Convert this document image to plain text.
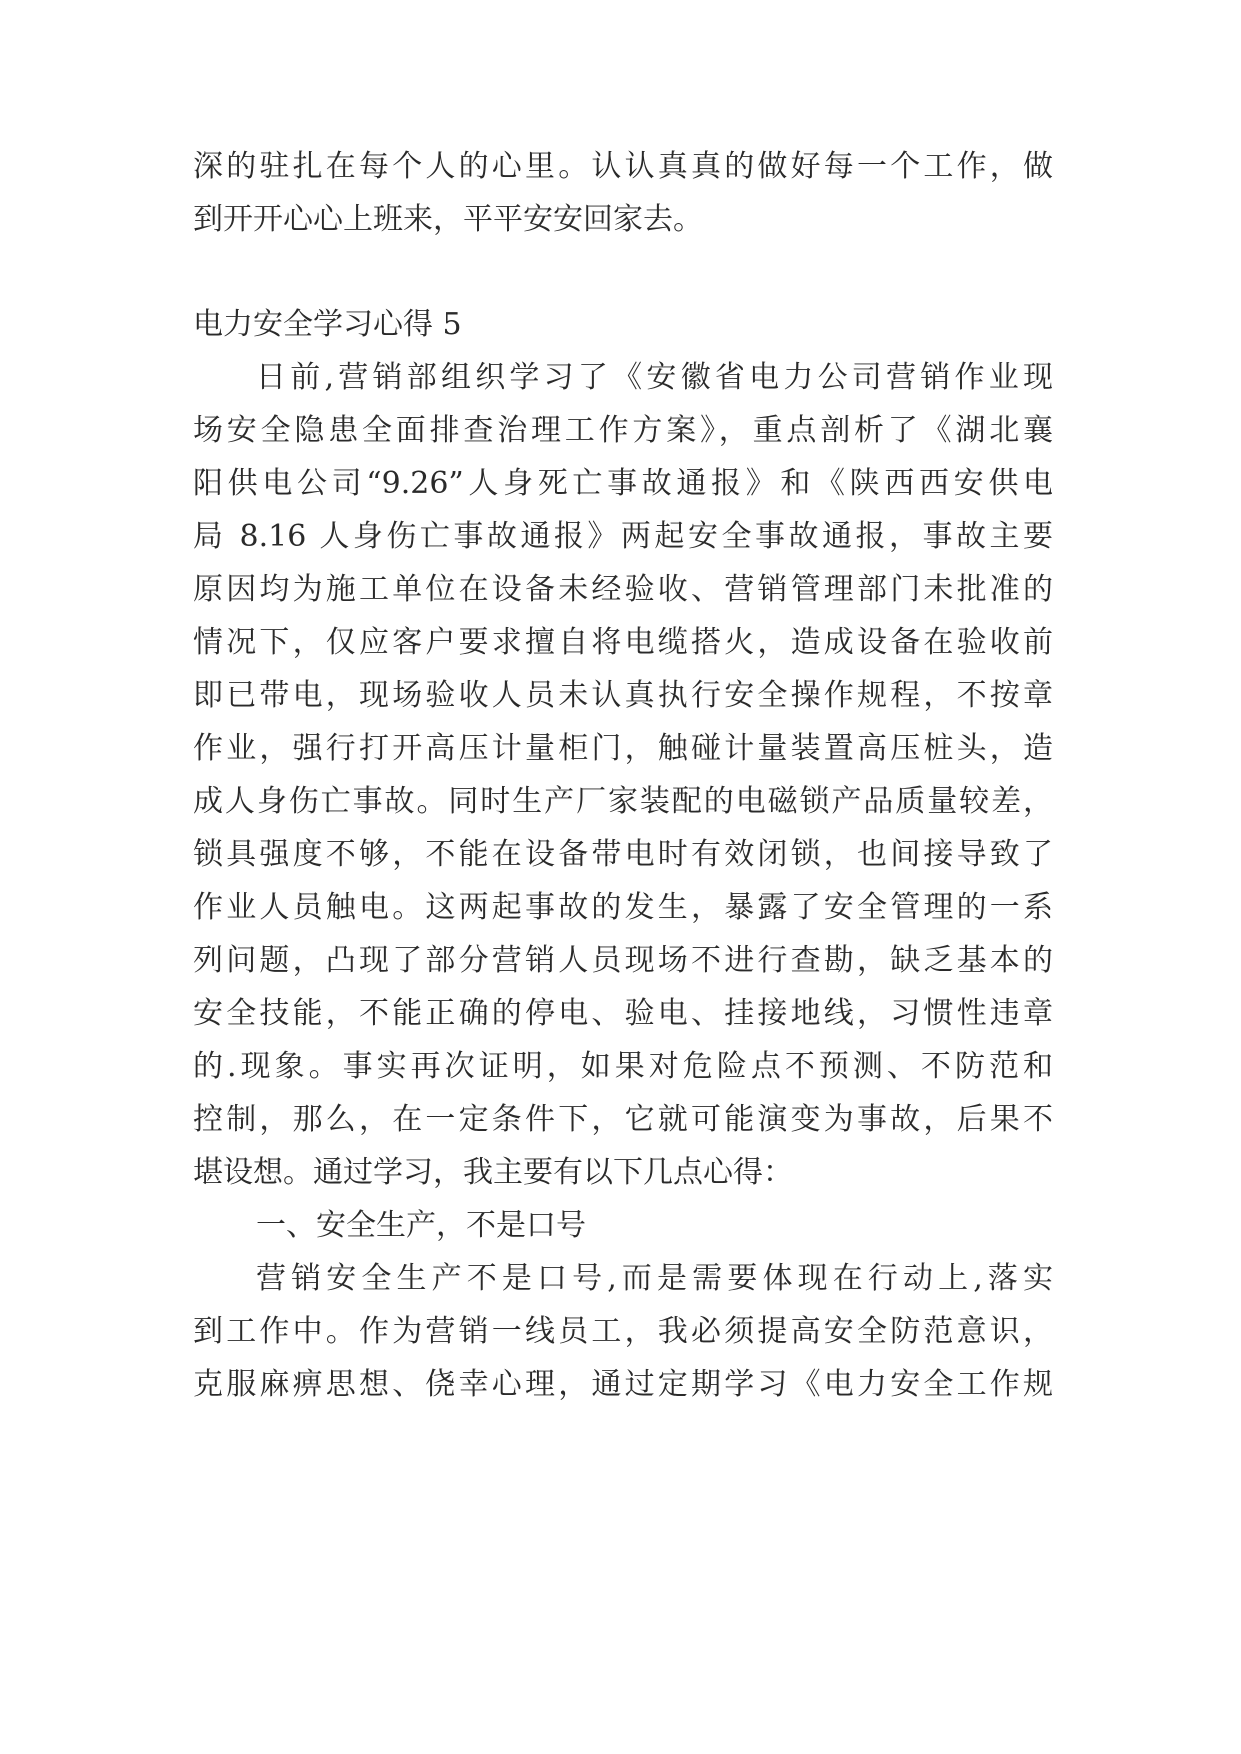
深的驻扎在每个人的心里。认认真真的做好每一个工作，做
到开开心心上班来，平平安安回家去。
电力安全学习心得 5
日前,营销部组织学习了《安徽省电力公司营销作业现
场安全隐患全面排查治理工作方案》，重点剖析了《湖北襄
阳供电公司“9.26”人身死亡事故通报》和《陕西西安供电
局 8.16 人身伤亡事故通报》两起安全事故通报，事故主要
原因均为施工单位在设备未经验收、营销管理部门未批准的
情况下，仅应客户要求擅自将电缆搭火，造成设备在验收前
即已带电，现场验收人员未认真执行安全操作规程，不按章
作业，强行打开高压计量柜门，触碰计量装置高压桩头，造
成人身伤亡事故。同时生产厂家装配的电磁锁产品质量较差，
锁具强度不够，不能在设备带电时有效闭锁，也间接导致了
作业人员触电。这两起事故的发生，暴露了安全管理的一系
列问题，凸现了部分营销人员现场不进行查勘，缺乏基本的
安全技能，不能正确的停电、验电、挂接地线，习惯性违章
的.现象。事实再次证明，如果对危险点不预测、不防范和
控制，那么，在一定条件下，它就可能演变为事故，后果不
堪设想。通过学习，我主要有以下几点心得：
一、安全生产，不是口号
营销安全生产不是口号,而是需要体现在行动上,落实
到工作中。作为营销一线员工，我必须提高安全防范意识，
克服麻痹思想、侥幸心理，通过定期学习《电力安全工作规
